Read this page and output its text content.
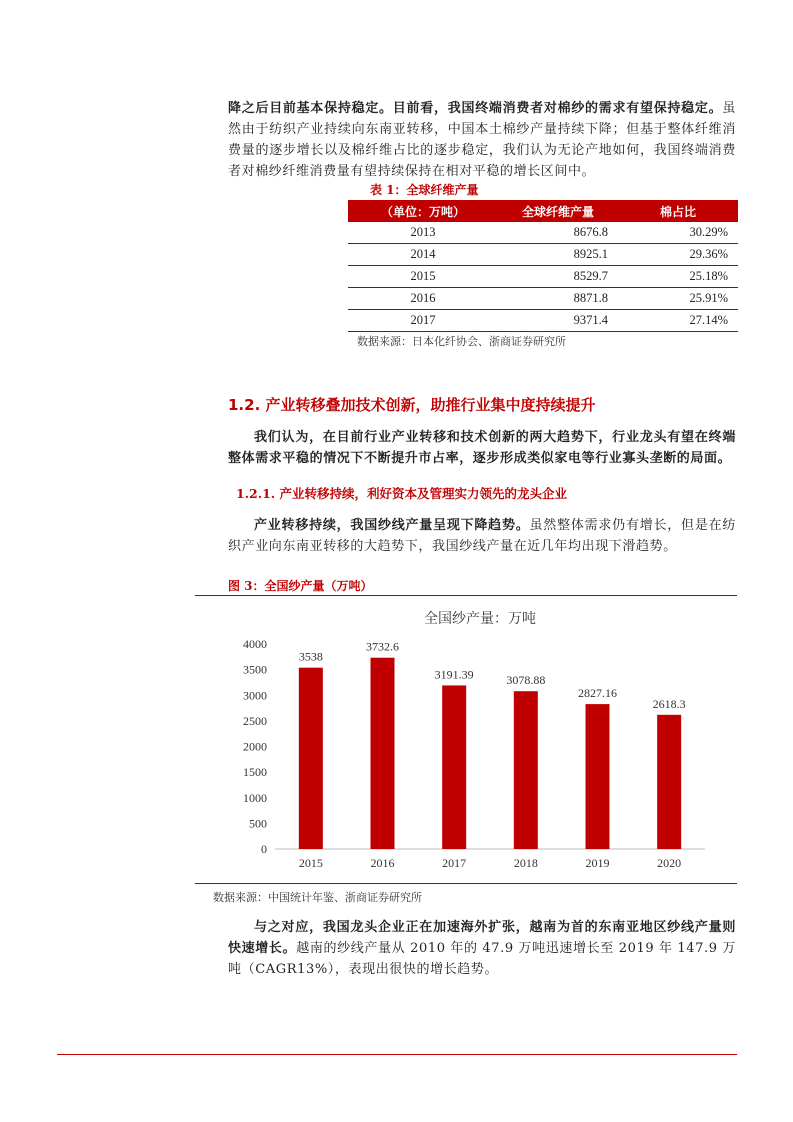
降之后目前基本保持稳定。目前看，我国终端消费者对棉纱的需求有望保持稳定。虽然由于纺织产业持续向东南亚转移，中国本土棉纱产量持续下降；但基于整体纤维消费量的逐步增长以及棉纤维占比的逐步稳定，我们认为无论产地如何，我国终端消费者对棉纱纤维消费量有望持续保持在相对平稳的增长区间中。
表 1：全球纤维产量
（单位：万吨）	全球纤维产量	棉占比
2013	8676.8	30.29%
2014	8925.1	29.36%
2015	8529.7	25.18%
2016	8871.8	25.91%
2017	9371.4	27.14%
数据来源：日本化纤协会、浙商证券研究所
1.2. 产业转移叠加技术创新，助推行业集中度持续提升
我们认为，在目前行业产业转移和技术创新的两大趋势下，行业龙头有望在终端整体需求平稳的情况下不断提升市占率，逐步形成类似家电等行业寡头垄断的局面。
1.2.1. 产业转移持续，利好资本及管理实力领先的龙头企业
产业转移持续，我国纱线产量呈现下降趋势。虽然整体需求仍有增长，但是在纺织产业向东南亚转移的大趋势下，我国纱线产量在近几年均出现下滑趋势。
图 3：全国纱产量（万吨）
全国纱产量：万吨
0
500
1000
1500
2000
2500
3000
3500
4000
3538
2015
3732.6
2016
3191.39
2017
3078.88
2018
2827.16
2019
2618.3
2020
数据来源：中国统计年鉴、浙商证券研究所
与之对应，我国龙头企业正在加速海外扩张，越南为首的东南亚地区纱线产量则快速增长。越南的纱线产量从 2010 年的 47.9 万吨迅速增长至 2019 年 147.9 万吨（CAGR13%），表现出很快的增长趋势。
